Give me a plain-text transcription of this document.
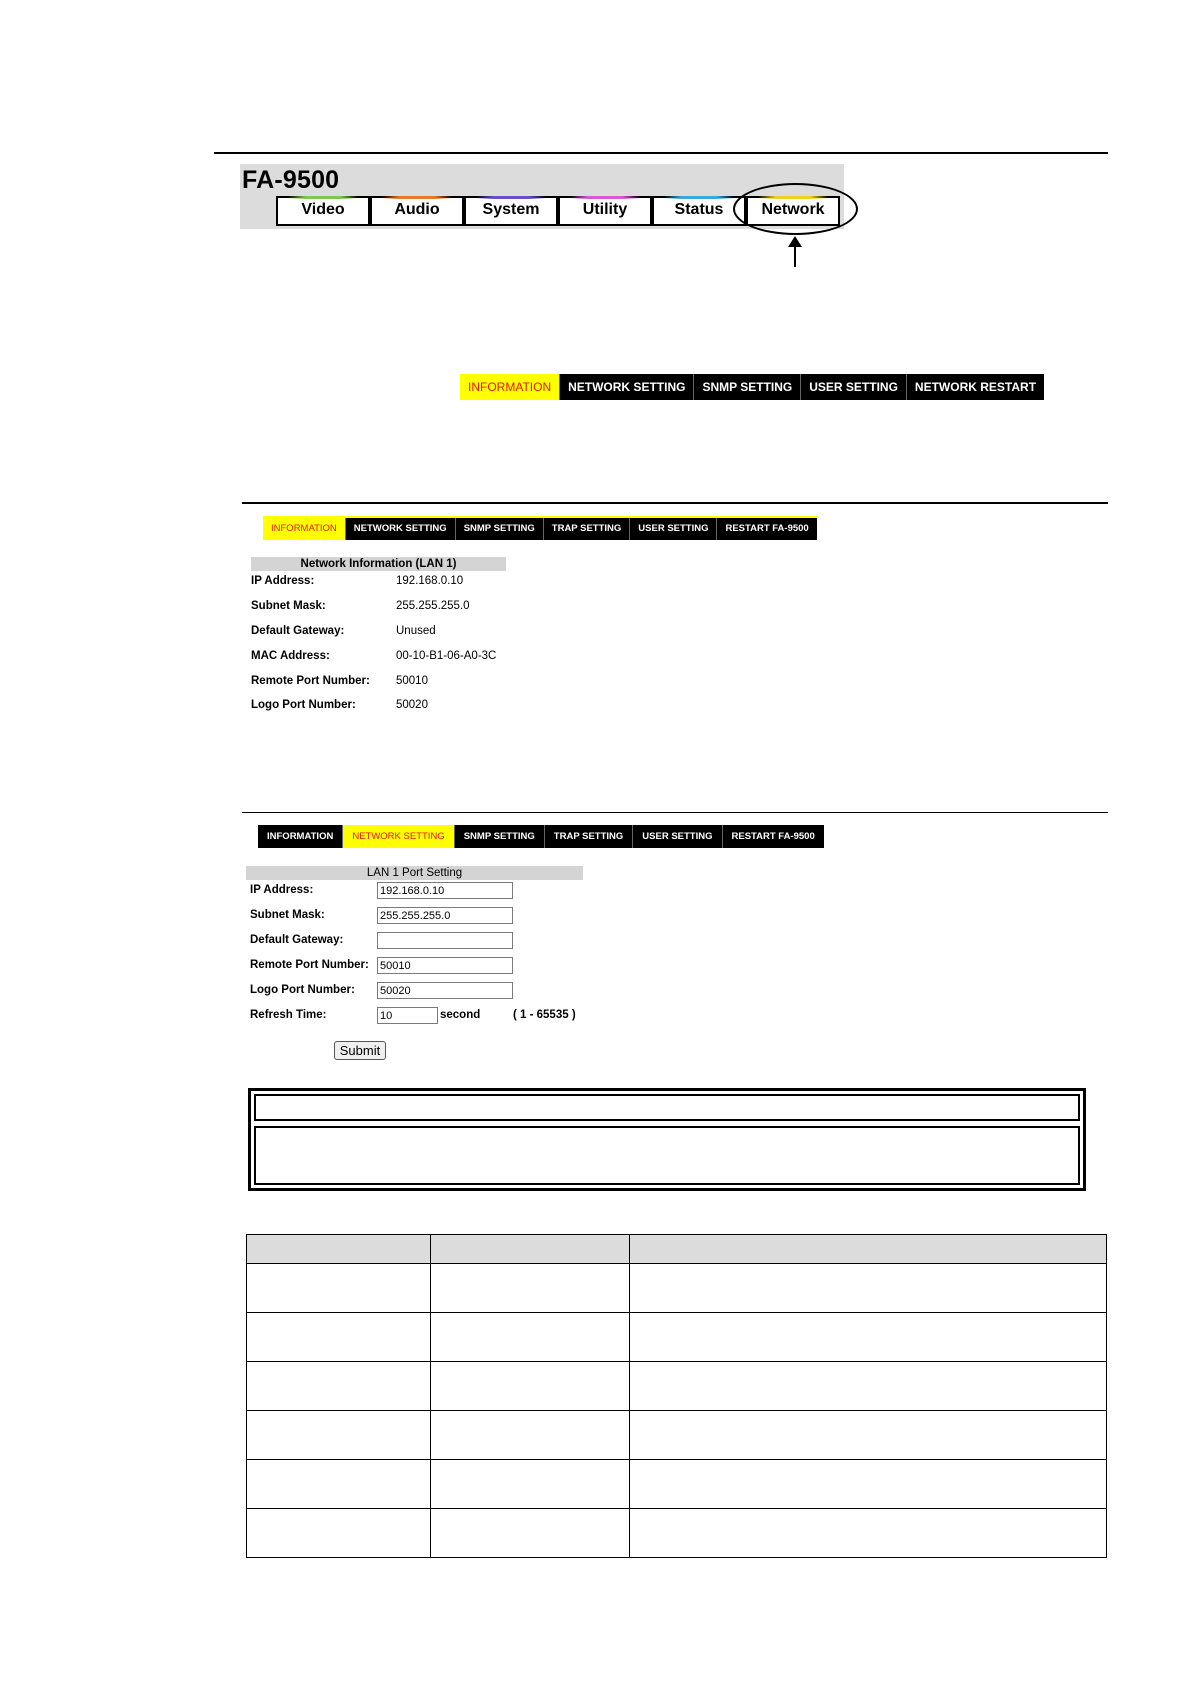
FA-9500
Video	Audio	System	Utility	Status	Network
INFORMATION	NETWORK SETTING	SNMP SETTING	USER SETTING	NETWORK RESTART
INFORMATION	NETWORK SETTING	SNMP SETTING	TRAP SETTING	USER SETTING	RESTART FA-9500
Network Information (LAN 1)
IP Address:	192.168.0.10
Subnet Mask:	255.255.255.0
Default Gateway:	Unused
MAC Address:	00-10-B1-06-A0-3C
Remote Port Number:	50010
Logo Port Number:	50020
INFORMATION	NETWORK SETTING	SNMP SETTING	TRAP SETTING	USER SETTING	RESTART FA-9500
LAN 1 Port Setting
IP Address:
192.168.0.10
Subnet Mask:
255.255.255.0
Default Gateway:
Remote Port Number:
50010
Logo Port Number:
50020
Refresh Time:
10	second	( 1 - 65535 )
Submit
